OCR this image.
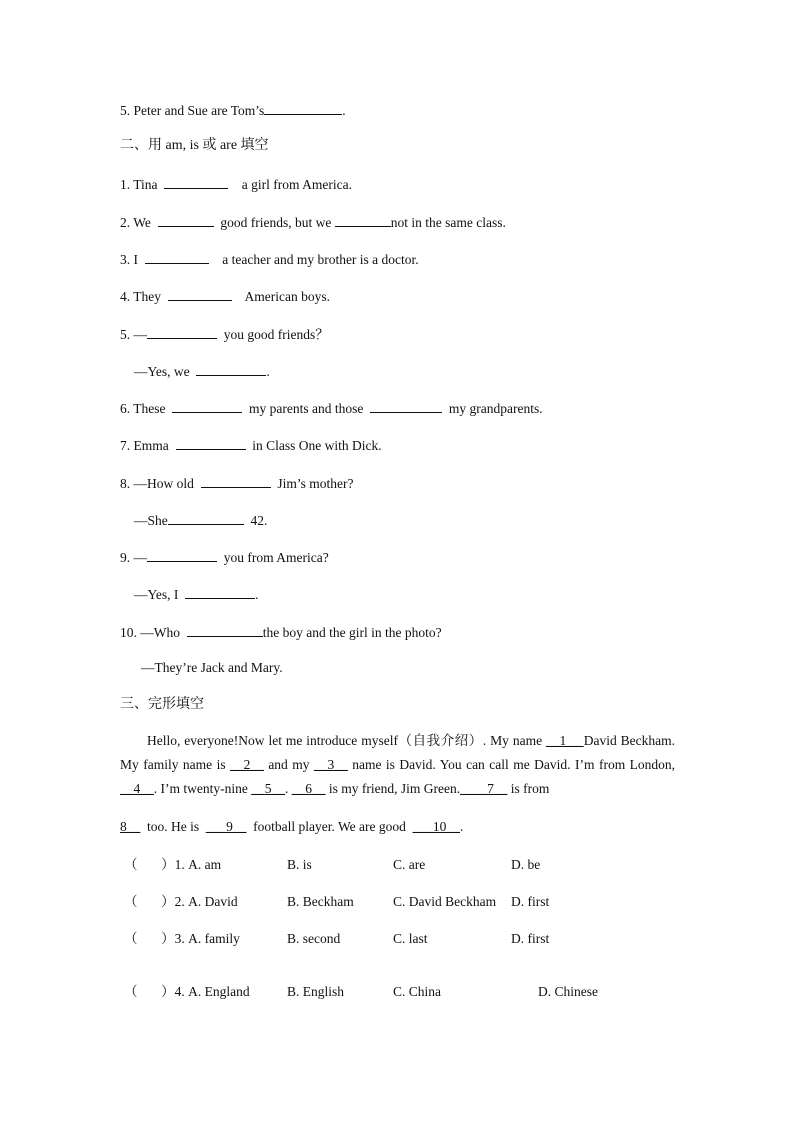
5. Peter and Sue are Tom’s	.
二、用 am, is 或 are 填空
1. Tina	a girl from America.
2. We	good friends, but we	not in the same class.
3. I	a teacher and my brother is a doctor.
4. They	American boys.
5. —	you good friends？
—Yes, we	.
6. These	my parents and those	my grandparents.
7. Emma	in Class One with Dick.
8. —How old	Jim’s mother?
—She	42.
9. —	you from America?
—Yes, I	.
10. —Who	the boy and the girl in the photo?
—They’re Jack and Mary.
三、完形填空
Hello, everyone!Now let me introduce myself（自我介绍）. My name __1__ David Beckham. My family name is __2__ and my __3__ name is David. You can call me David. I’m from London, __4__. I’m twenty-nine __5__. __6__ is my friend, Jim Green.____7__ is from
8__ too. He is ___9__ football player. We are good ___10__.
（       ）1. A. am	B. is	C. are	D. be
（       ）2. A. David	B. Beckham	C. David Beckham D. first
（       ）3. A. family	B. second	C. last	D. first
（       ）4. A. England	B. English	C. China	D. Chinese
